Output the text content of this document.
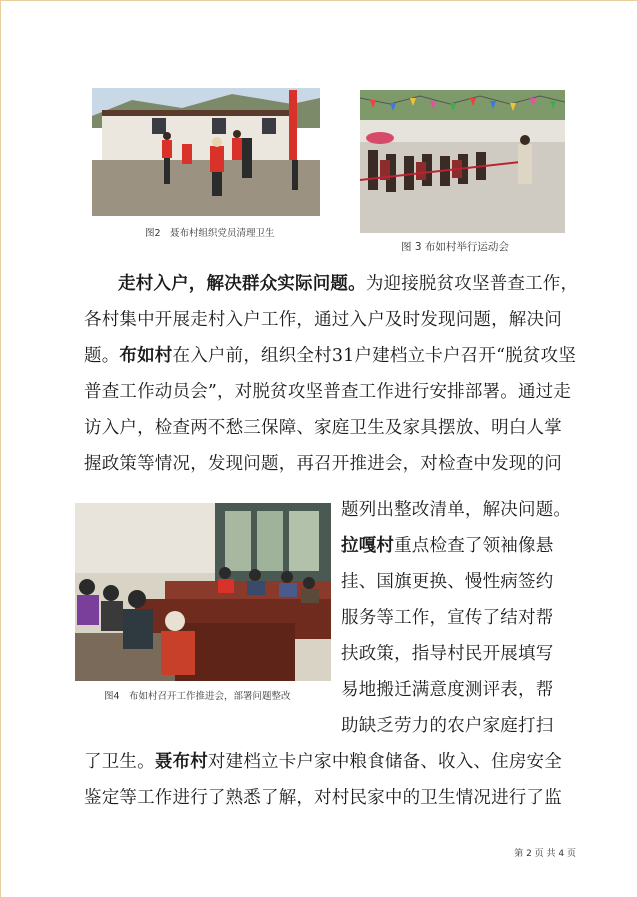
图2　聂布村组织党员清理卫生
图 3 布如村举行运动会
走村入户，解决群众实际问题。为迎接脱贫攻坚普查工作，
各村集中开展走村入户工作，通过入户及时发现问题，解决问
题。布如村在入户前，组织全村31户建档立卡户召开“脱贫攻坚
普查工作动员会”，对脱贫攻坚普查工作进行安排部署。通过走
访入户，检查两不愁三保障、家庭卫生及家具摆放、明白人掌
握政策等情况，发现问题，再召开推进会，对检查中发现的问
图4　布如村召开工作推进会，部署问题整改
题列出整改清单，解决问题。
拉嘎村重点检查了领袖像悬
挂、国旗更换、慢性病签约
服务等工作，宣传了结对帮
扶政策，指导村民开展填写
易地搬迁满意度测评表，帮
助缺乏劳力的农户家庭打扫
了卫生。聂布村对建档立卡户家中粮食储备、收入、住房安全
鉴定等工作进行了熟悉了解，对村民家中的卫生情况进行了监
第 2 页 共 4 页
